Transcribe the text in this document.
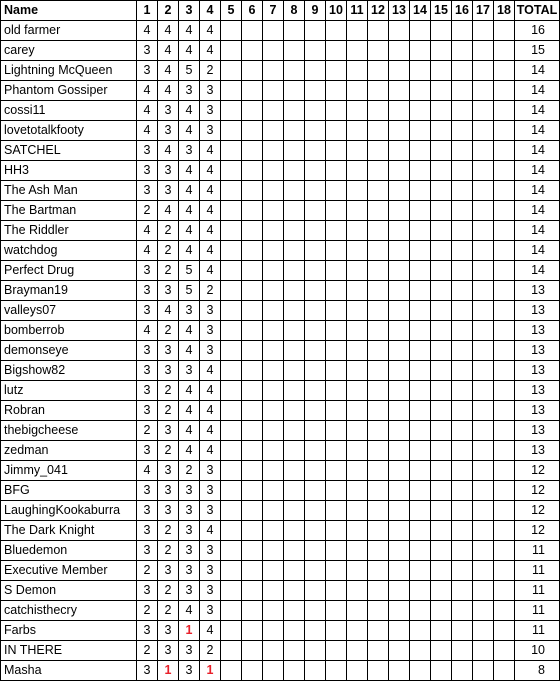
Name	1	2	3	4	5	6	7	8	9	10	11	12	13	14	15	16	17	18	TOTAL
old farmer	4	4	4	4															16
carey	3	4	4	4															15
Lightning McQueen	3	4	5	2															14
Phantom Gossiper	4	4	3	3															14
cossi11	4	3	4	3															14
lovetotalkfooty	4	3	4	3															14
SATCHEL	3	4	3	4															14
HH3	3	3	4	4															14
The Ash Man	3	3	4	4															14
The Bartman	2	4	4	4															14
The Riddler	4	2	4	4															14
watchdog	4	2	4	4															14
Perfect Drug	3	2	5	4															14
Brayman19	3	3	5	2															13
valleys07	3	4	3	3															13
bomberrob	4	2	4	3															13
demonseye	3	3	4	3															13
Bigshow82	3	3	3	4															13
lutz	3	2	4	4															13
Robran	3	2	4	4															13
thebigcheese	2	3	4	4															13
zedman	3	2	4	4															13
Jimmy_041	4	3	2	3															12
BFG	3	3	3	3															12
LaughingKookaburra	3	3	3	3															12
The Dark Knight	3	2	3	4															12
Bluedemon	3	2	3	3															11
Executive Member	2	3	3	3															11
S Demon	3	2	3	3															11
catchisthecry	2	2	4	3															11
Farbs	3	3	1	4															11
IN THERE	2	3	3	2															10
Masha	3	1	3	1															8
